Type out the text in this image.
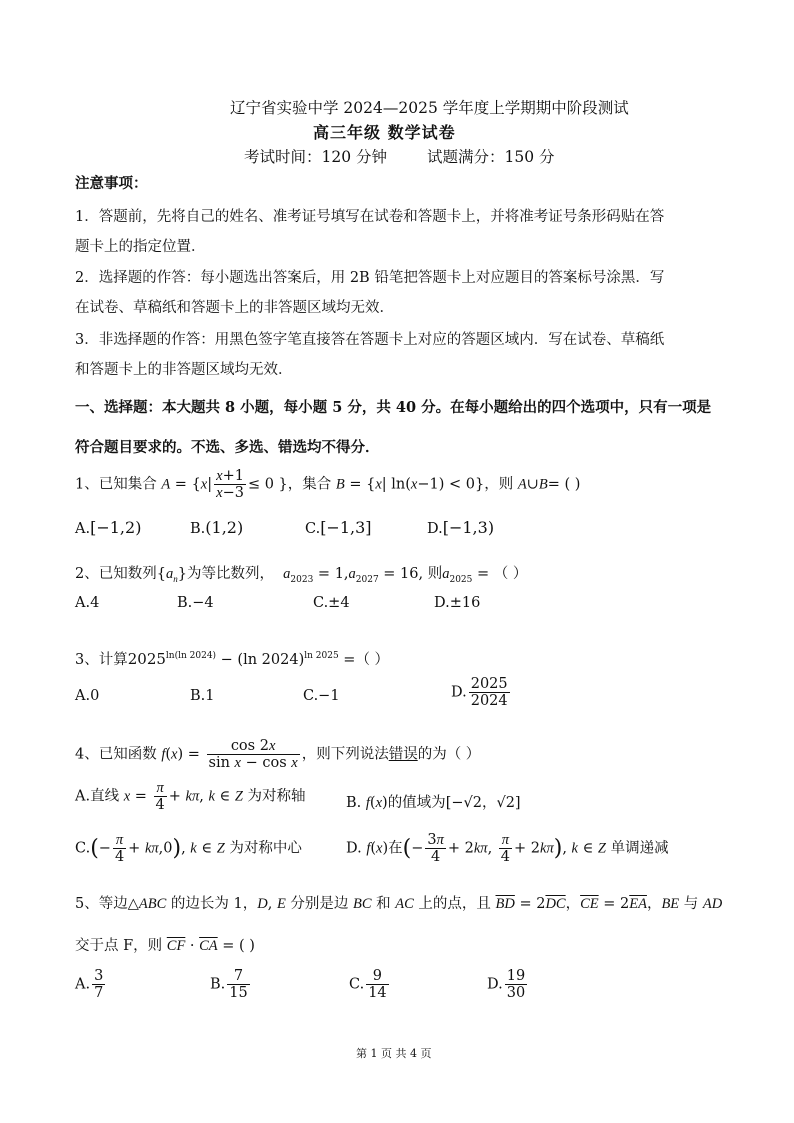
辽宁省实验中学 2024—2025 学年度上学期期中阶段测试
高三年级 数学试卷
考试时间：120 分钟	试题满分：150 分
注意事项：
1．答题前，先将自己的姓名、准考证号填写在试卷和答题卡上，并将准考证号条形码贴在答
题卡上的指定位置．
2．选择题的作答：每小题选出答案后，用 2B 铅笔把答题卡上对应题目的答案标号涂黑．写
在试卷、草稿纸和答题卡上的非答题区域均无效．
3．非选择题的作答：用黑色签字笔直接答在答题卡上对应的答题区域内．写在试卷、草稿纸
和答题卡上的非答题区域均无效．
一、选择题：本大题共 8 小题，每小题 5 分，共 40 分。在每小题给出的四个选项中，只有一项是
符合题目要求的。不选、多选、错选均不得分．
1、已知集合 $A = \{x| \frac{x+1}{x-3} \le 0$ }，集合 B = {x| ln(x−1) < 0}，则 A∪B= ( )
A.[−1,2)	B.(1,2)	C.[−1,3]	D.[−1,3)
2、已知数列$\{a_n\}$为等比数列， $a_{2023} = 1,a_{2027} = 16$, 则$a_{2025}$ = （ ）
A.4	B.−4	C.±4	D.±16
3、计算$2025^{ln(ln 2024)} - (\ln$ 2024)$^{ln 2025}$ =（ ）
A.0	B.1	C.−1	D. $\frac{2025}{2024}$
4、已知函数 $f(x) = \frac{\cos 2x}{\text{sin x − cos x}}$ ，则下列说法错误的为（ ）
A.直线 $x = \frac{\pi}{4} + k\pi$, k ∈ Z 为对称轴	B. f(x)的值域为[−√2，√2]
$C.(- \frac{\pi}{4} + k\pi,0)$, k ∈ Z 为对称中心	D. f(x)在(− $\frac{3\pi}{4} + 2k\pi$, $\frac{\pi}{4} + 2k\pi$), k ∈ Z 单调递减
5、等边△ABC 的边长为 1，D, E 分别是边 BC 和 AC 上的点，且 $\overline{BD} = 2\overline{DC}$，$\overline{CE} = 2\overline{EA}$，BE 与 AD
交于点 F，则 $\overline{CF} \cdot \overline{CA}$ = ( )
A. $\frac{3}{7}$	B. $\frac{7}{15}$	C. $\frac{9}{14}$	D. $\frac{19}{30}$
第 1 页 共 4 页
